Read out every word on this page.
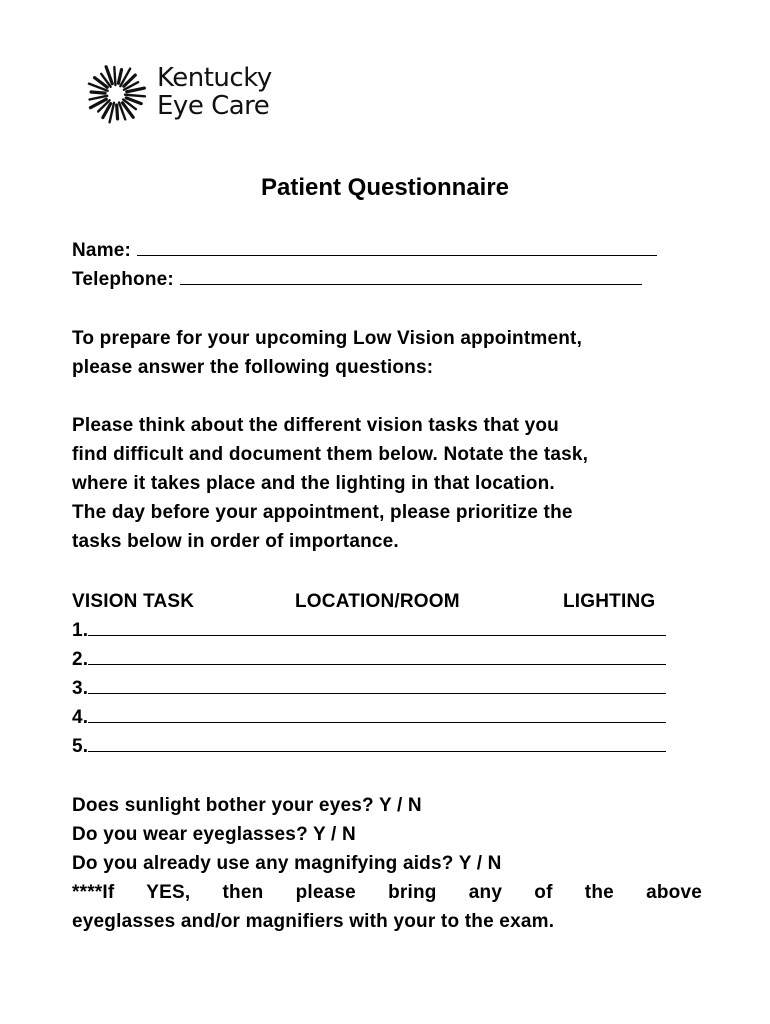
Kentucky
Eye Care
Patient Questionnaire
Name:
Telephone:
To prepare for your upcoming Low Vision appointment,
please answer the following questions:
Please think about the different vision tasks that you
find difficult and document them below. Notate the task,
where it takes place and the lighting in that location.
The day before your appointment, please prioritize the
tasks below in order of importance.
VISION TASK	LOCATION/ROOM	LIGHTING
1.
2.
3.
4.
5.
Does sunlight bother your eyes? Y / N
Do you wear eyeglasses? Y / N
Do you already use any magnifying aids? Y / N
****If YES, then please bring any of the above
eyeglasses and/or magnifiers with your to the exam.
